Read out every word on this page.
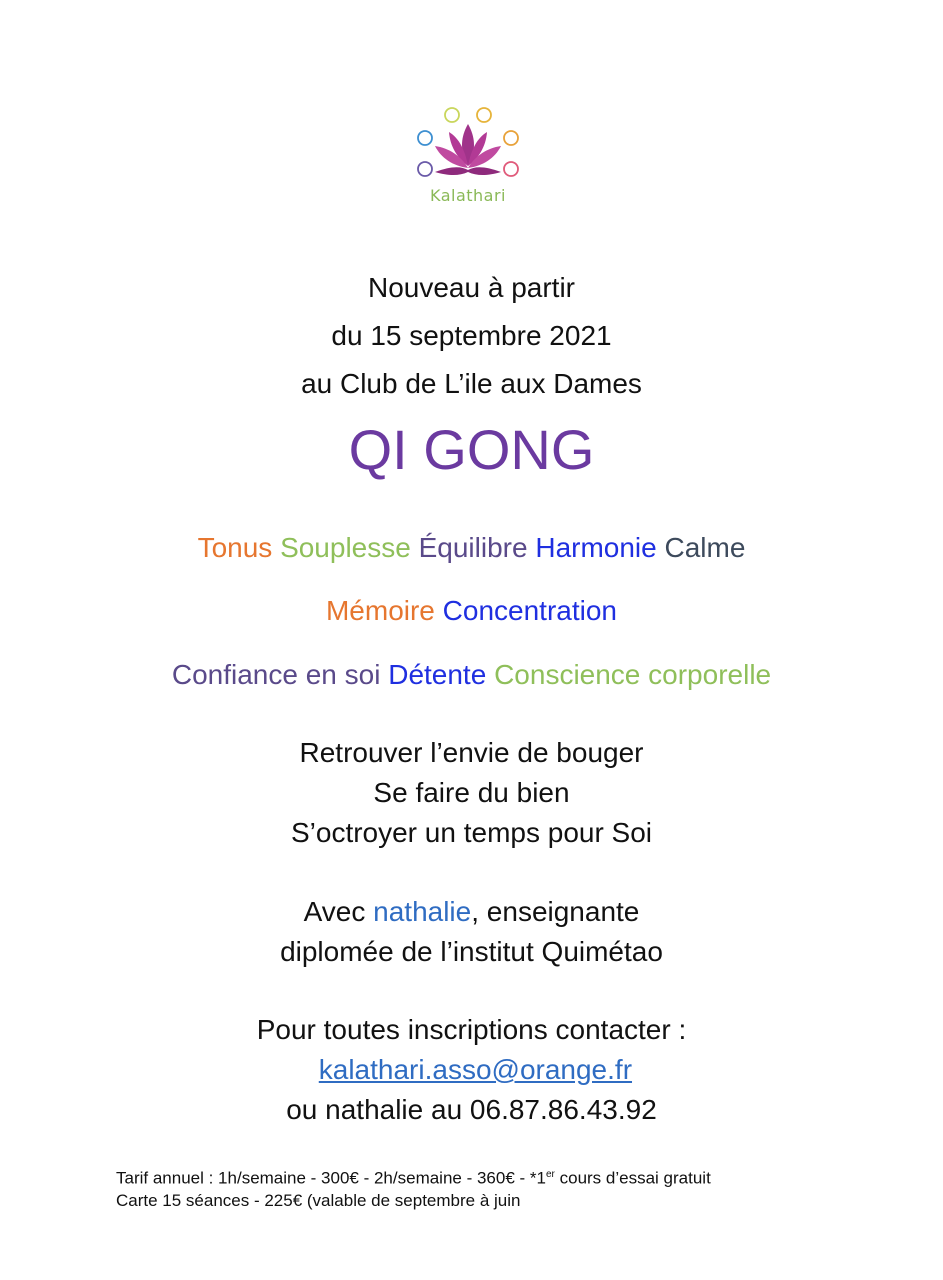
Kalathari
Nouveau à partir
du 15 septembre 2021
au Club de L’ile aux Dames
QI GONG
Tonus Souplesse Équilibre Harmonie Calme
Mémoire Concentration
Confiance en soi Détente Conscience corporelle
Retrouver l’envie de bouger
Se faire du bien
S’octroyer un temps pour Soi
Avec nathalie, enseignante
diplomée de l’institut Quimétao
Pour toutes inscriptions contacter :
kalathari.asso@orange.fr
ou nathalie au 06.87.86.43.92
Tarif annuel : 1h/semaine - 300€ - 2h/semaine - 360€ - *1er cours d’essai gratuit
Carte 15 séances - 225€ (valable de septembre à juin
